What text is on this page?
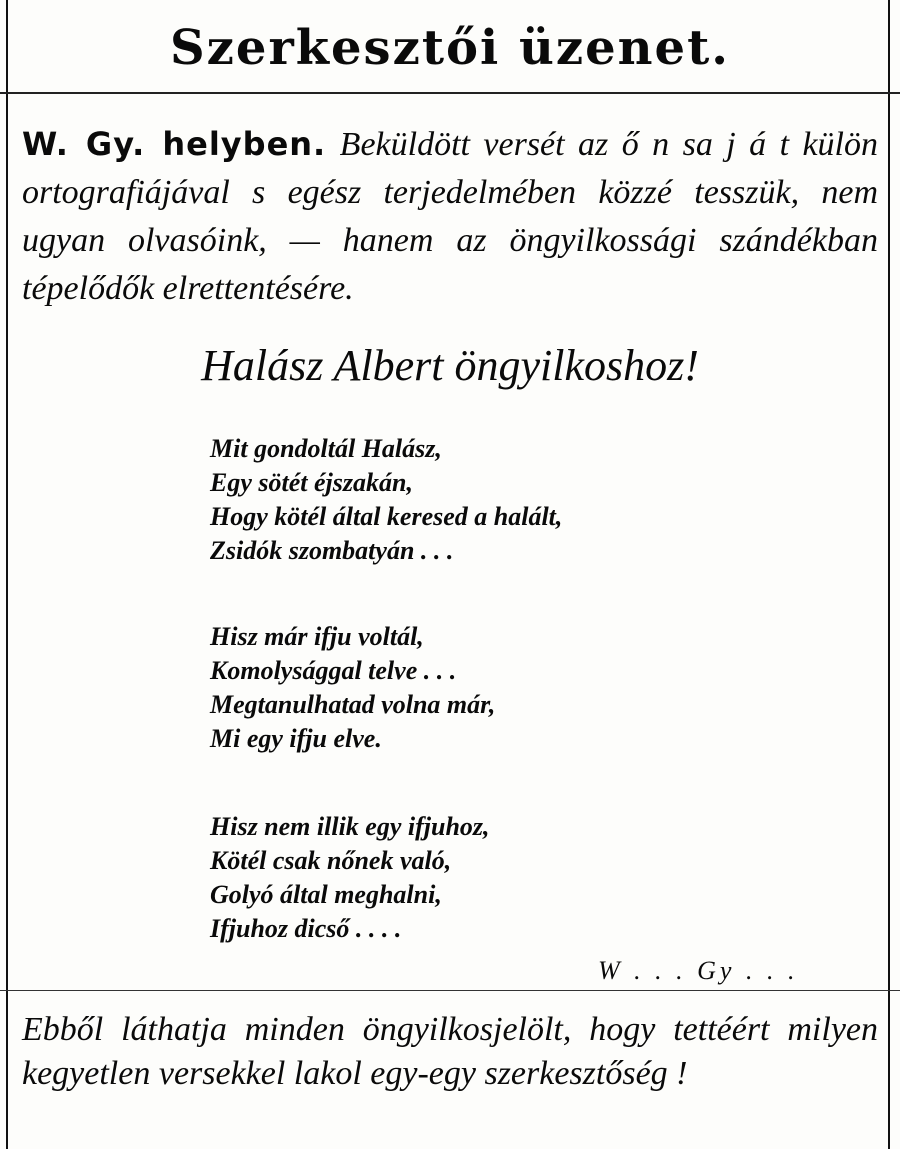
Szerkesztői üzenet.
W. Gy. helyben. Beküldött versét az ő n sa j á t külön ortografiájával s egész terjedelmében közzé tesszük, nem ugyan olvasóink, — hanem az öngyilkossági szándékban tépelődők elrettentésére.
Halász Albert öngyilkoshoz!
Mit gondoltál Halász,
Egy sötét éjszakán,
Hogy kötél által keresed a halált,
Zsidók szombatyán . . .
Hisz már ifju voltál,
Komolysággal telve . . .
Megtanulhatad volna már,
Mi egy ifju elve.
Hisz nem illik egy ifjuhoz,
Kötél csak nőnek való,
Golyó által meghalni,
Ifjuhoz dicső . . . .
W . . . Gy . . .
Ebből láthatja minden öngyilkosjelölt, hogy tettéért milyen kegyetlen versekkel lakol egy-egy szerkesztőség !
